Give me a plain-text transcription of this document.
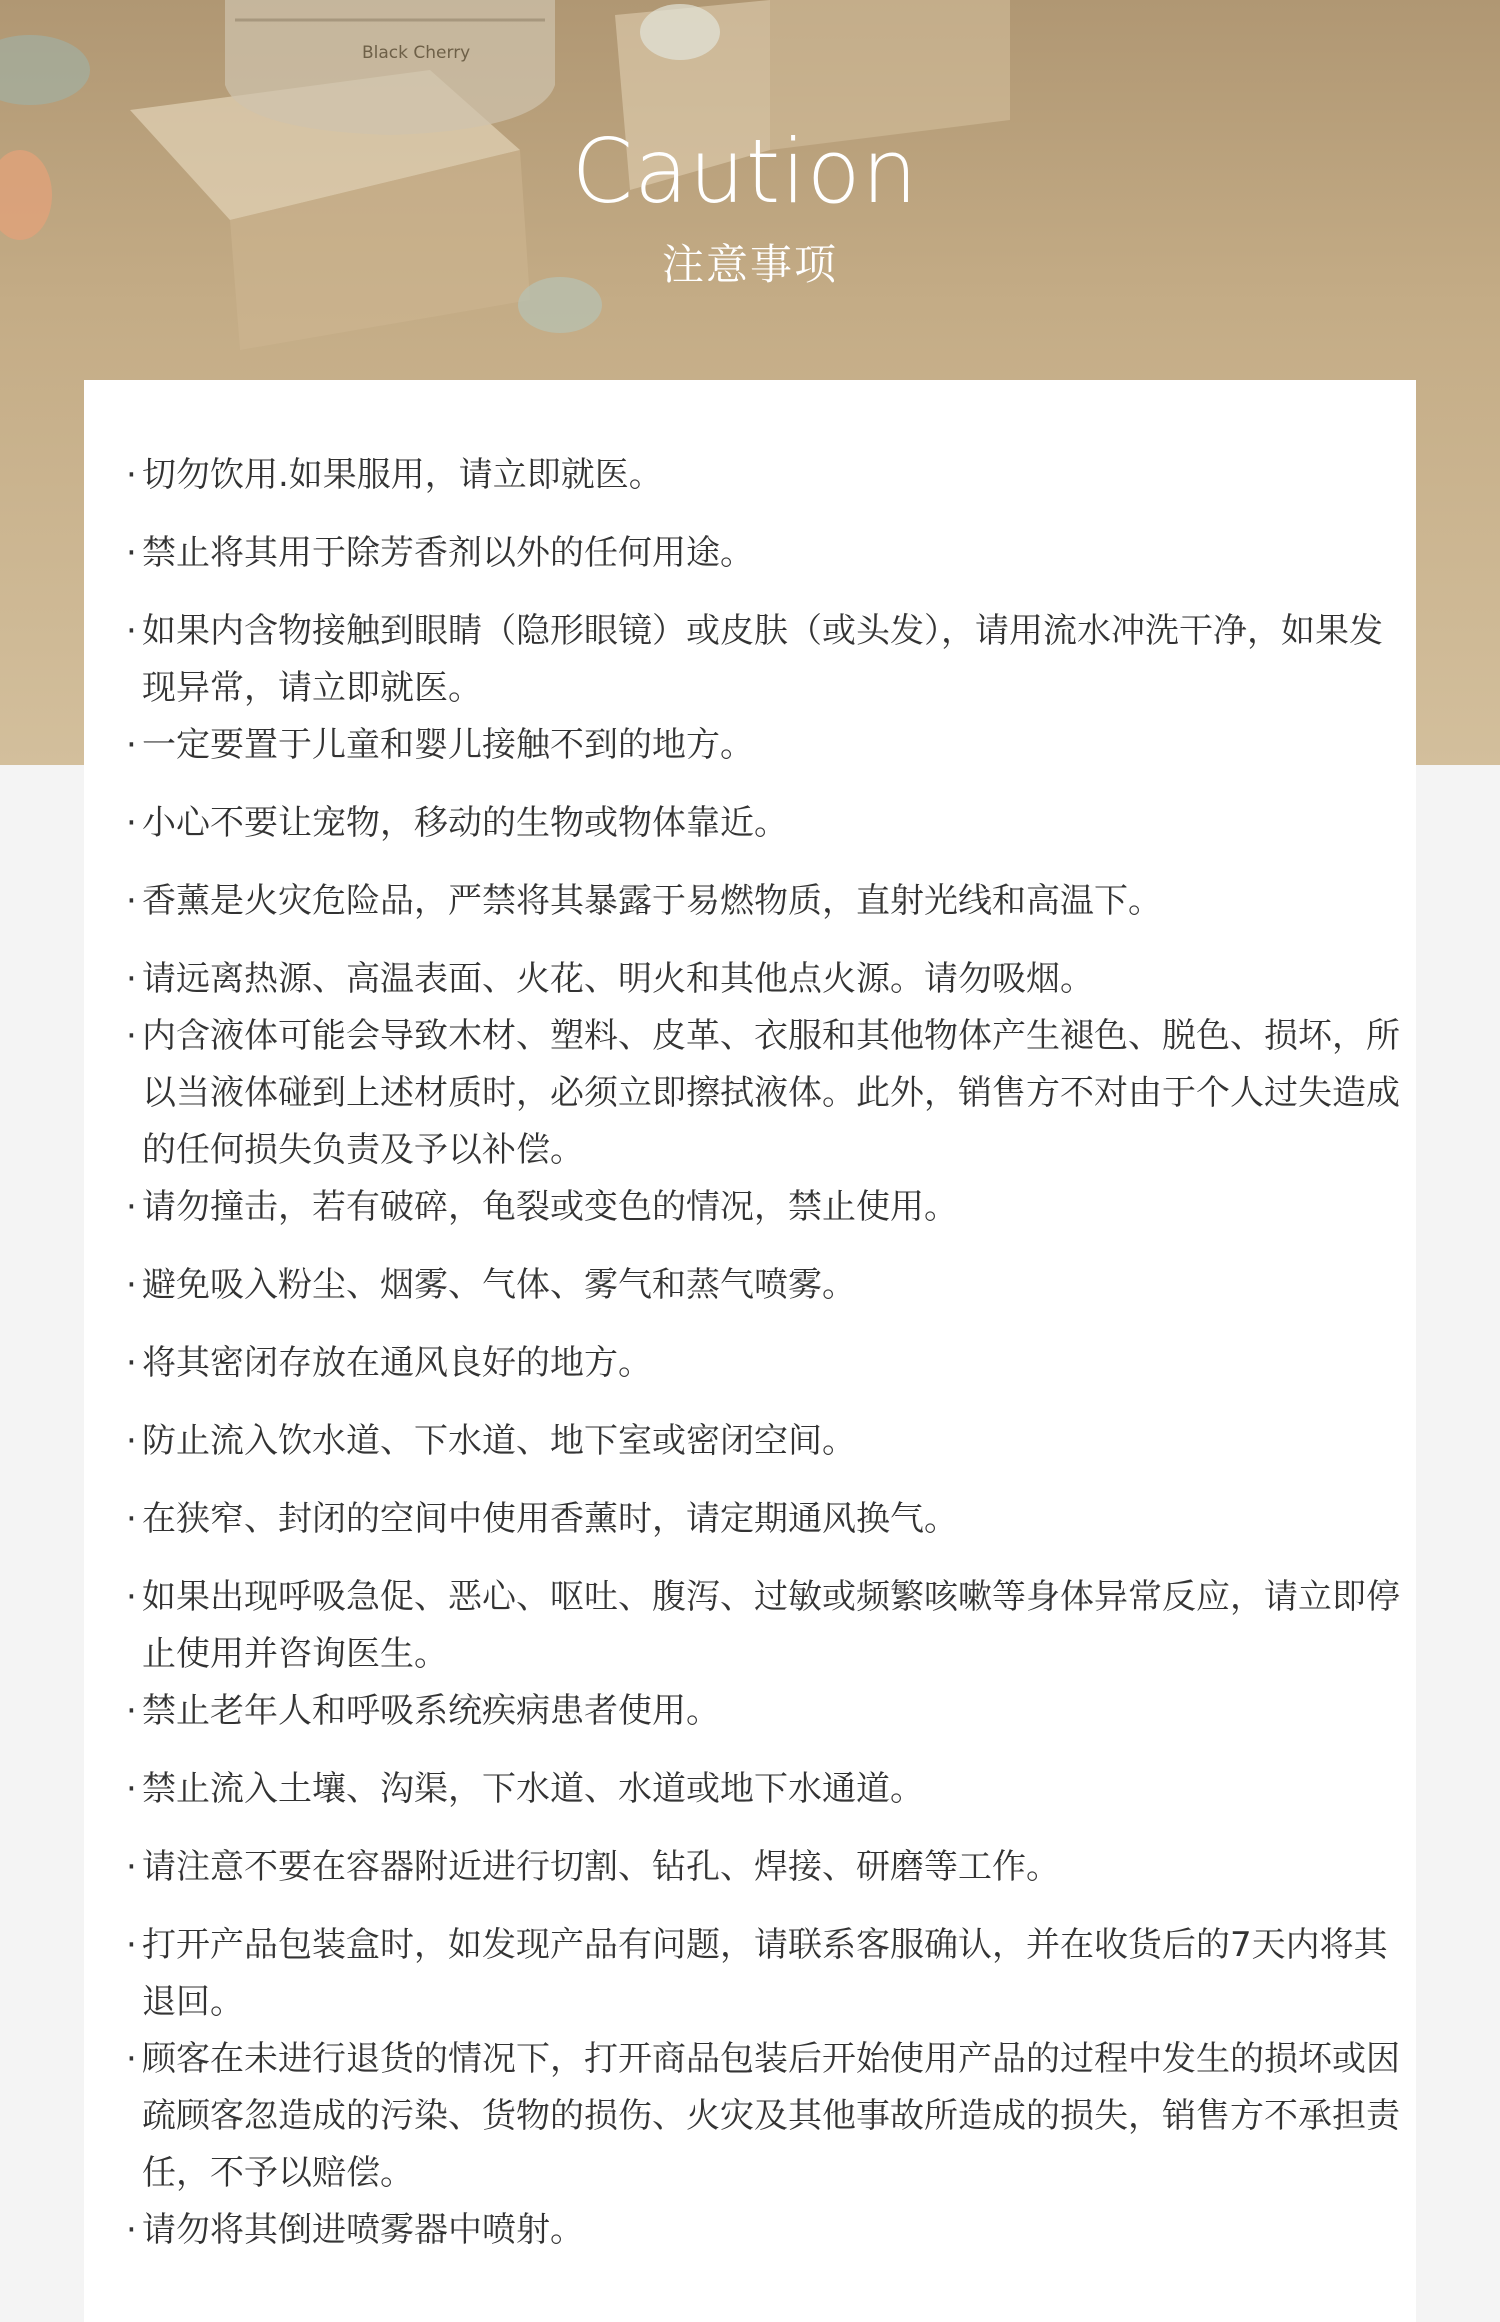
Black Cherry
Caution
注意事项
· 切勿饮用.如果服用，请立即就医。
· 禁止将其用于除芳香剂以外的任何用途。
· 如果内含物接触到眼睛（隐形眼镜）或皮肤（或头发），请用流水冲洗干净，如果发现异常，请立即就医。
· 一定要置于儿童和婴儿接触不到的地方。
· 小心不要让宠物，移动的生物或物体靠近。
· 香薰是火灾危险品，严禁将其暴露于易燃物质，直射光线和高温下。
· 请远离热源、高温表面、火花、明火和其他点火源。请勿吸烟。
· 内含液体可能会导致木材、塑料、皮革、衣服和其他物体产生褪色、脱色、损坏，所以当液体碰到上述材质时，必须立即擦拭液体。此外，销售方不对由于个人过失造成的任何损失负责及予以补偿。
· 请勿撞击，若有破碎，龟裂或变色的情况，禁止使用。
· 避免吸入粉尘、烟雾、气体、雾气和蒸气喷雾。
· 将其密闭存放在通风良好的地方。
· 防止流入饮水道、下水道、地下室或密闭空间。
· 在狭窄、封闭的空间中使用香薰时，请定期通风换气。
· 如果出现呼吸急促、恶心、呕吐、腹泻、过敏或频繁咳嗽等身体异常反应，请立即停止使用并咨询医生。
· 禁止老年人和呼吸系统疾病患者使用。
· 禁止流入土壤、沟渠，下水道、水道或地下水通道。
· 请注意不要在容器附近进行切割、钻孔、焊接、研磨等工作。
· 打开产品包装盒时，如发现产品有问题，请联系客服确认，并在收货后的7天内将其退回。
· 顾客在未进行退货的情况下，打开商品包装后开始使用产品的过程中发生的损坏或因疏顾客忽造成的污染、货物的损伤、火灾及其他事故所造成的损失，销售方不承担责任，不予以赔偿。
· 请勿将其倒进喷雾器中喷射。
